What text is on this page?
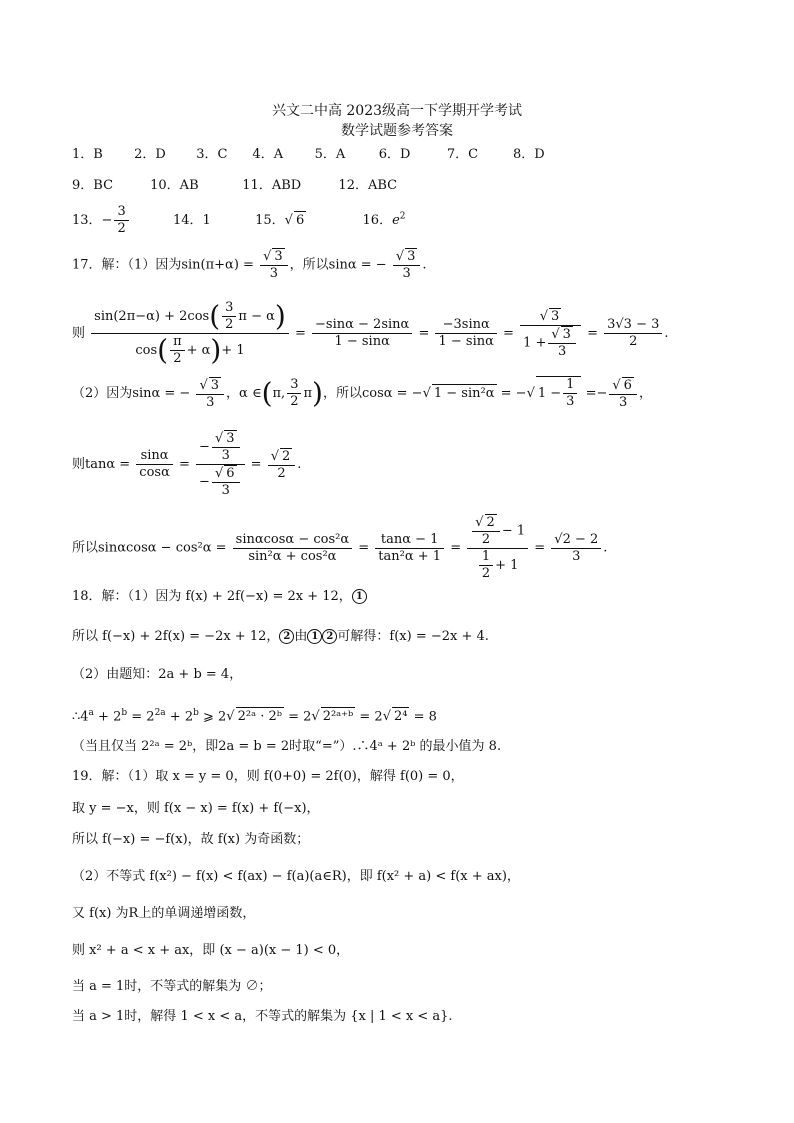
兴文二中高 2023级高一下学期开学考试
数学试题参考答案
1．B 2．D 3．C 4．A 5．A	6．D	7．C	8．D
9．BC	10．AB	11．ABD	12．ABC
13．− $\frac{3}{2}$	14．1	15．√ 6	16．$e^2$
17．解：（1）因为sin(π+α) =
√ $\frac{3}{3}$ ，所以sinα = −
√ $\frac{3}{3}$ .
则 $\frac{\sin(2\pi-\alpha) + 2\cos( \frac{3}{2} \pi - \alpha)}{\cos( \frac{\pi}{2} + \alpha)+ 1} = \frac{-\sin\alpha - 2\sin\alpha}{1 - \sin\alpha} = \frac{-3\sin\alpha}{1 - \sin\alpha}$ =
√ 3
1 +
√ $\frac{3}{3} = \frac{3√3 - 3}{2}$ .
（2）因为sinα = −
√ $\frac{3}{3}$ ，α ∈(π, $\frac{3}{2} \pi$)，所以cosα = −√ 1 − sin²α = −√ $1 - \frac{1}{3}$ =−
√ $\frac{6}{3}$ ，
则$\tan\alpha = \frac{\sin\alpha}{\cos\alpha}$ = −
√ $\frac{3}{3}$
−
√ $\frac{6}{3}$ =
√ $\frac{2}{2}$ .
所以$\sin\alpha\cos\alpha - \cos^2\alpha = \frac{\text{sinαcosα − cos²α}}{\text{sin²α + cos²α}} = \frac{\tan\alpha - 1}{\text{tan²α + 1}}$ =
√ $\frac{\frac{2}{2} - 1}{\frac{1}{2} + 1} = \frac{√2 - 2}{3}$ .
18．解：（1）因为 f(x) + 2f(−x) = 2x + 12， 1
所以 f(−x) + 2f(x) = −2x + 12， 2 由 1 2 可解得：f(x) = −2x + 4.
（2）由题知：2a + b = 4，
$\therefore 4^a + 2^b = 2^{2a} + 2^b$ ⩾ 2√ 2²ᵃ · 2ᵇ = 2√ 2²ᵃ⁺ᵇ = 2√ 2⁴ = 8
（当且仅当 2²ᵃ = 2ᵇ，即2a = b = 2时取“=”）.∴4ᵃ + 2ᵇ 的最小值为 8.
19．解：（1）取 x = y = 0，则 f(0+0) = 2f(0)，解得 f(0) = 0，
取 y = −x，则 f(x − x) = f(x) + f(−x)，
所以 f(−x) = −f(x)，故 f(x) 为奇函数；
（2）不等式 f(x²) − f(x) < f(ax) − f(a)(a∈R)，即 f(x² + a) < f(x + ax)，
又 f(x) 为R上的单调递增函数，
则 x² + a < x + ax，即 (x − a)(x − 1) < 0，
当 a = 1时，不等式的解集为 ∅；
当 a > 1时，解得 1 < x < a，不等式的解集为 {x | 1 < x < a}.
